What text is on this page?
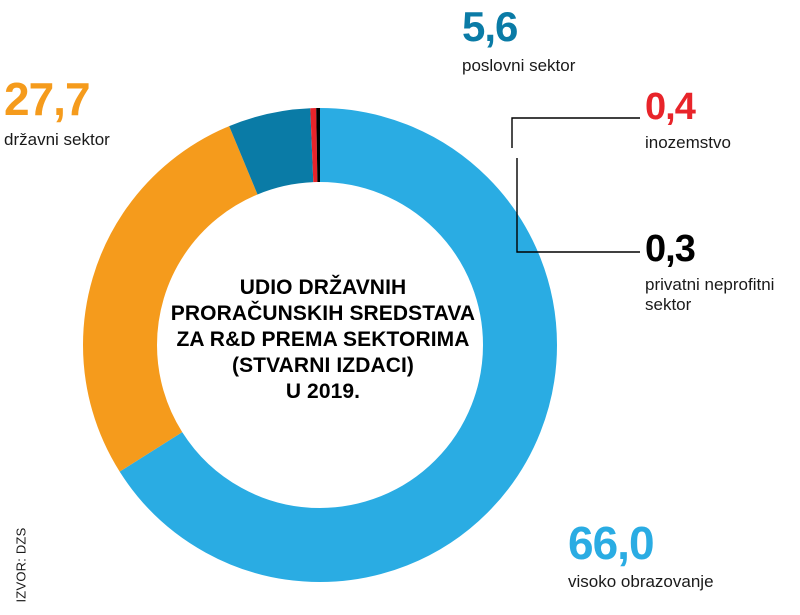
IZVOR: DZS
UDIO DRŽAVNIH
PRORAČUNSKIH SREDSTAVA
ZA R&D PREMA SEKTORIMA
(STVARNI IZDACI)
U 2019.
27,7
državni sektor
5,6
poslovni sektor
0,4
inozemstvo
0,3
privatni neprofitni sektor
66,0
visoko obrazovanje
